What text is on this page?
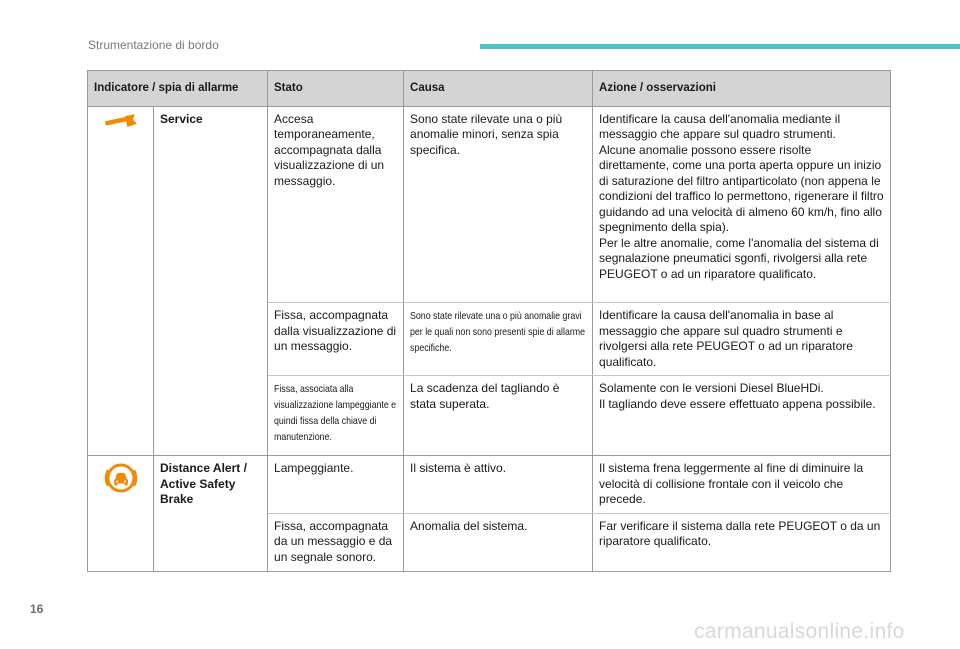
Strumentazione di bordo
Indicatore / spia di allarme		Stato	Causa	Azione / osservazioni
	Service	Accesa temporaneamente, accompagnata dalla visualizzazione di un messaggio.	Sono state rilevate una o più anomalie minori, senza spia specifica.	Identificare la causa dell'anomalia mediante il messaggio che appare sul quadro strumenti.
Alcune anomalie possono essere risolte direttamente, come una porta aperta oppure un inizio di saturazione del filtro antiparticolato (non appena le condizioni del traffico lo permettono, rigenerare il filtro guidando ad una velocità di almeno 60 km/h, fino allo spegnimento della spia).
Per le altre anomalie, come l'anomalia del sistema di segnalazione pneumatici sgonfi, rivolgersi alla rete PEUGEOT o ad un riparatore qualificato.

		Fissa, accompagnata dalla visualizzazione di un messaggio.	Sono state rilevate una o più anomalie gravi per le quali non sono presenti spie di allarme specifiche.	Identificare la causa dell'anomalia in base al messaggio che appare sul quadro strumenti e rivolgersi alla rete PEUGEOT o ad un riparatore qualificato.

		Fissa, associata alla visualizzazione lampeggiante e quindi fissa della chiave di manutenzione.	La scadenza del tagliando è stata superata.	Solamente con le versioni Diesel BlueHDi.
Il tagliando deve essere effettuato appena possibile.

	Distance Alert / Active Safety Brake	Lampeggiante.	Il sistema è attivo.	Il sistema frena leggermente al fine di diminuire la velocità di collisione frontale con il veicolo che precede.

		Fissa, accompagnata da un messaggio e da un segnale sonoro.	Anomalia del sistema.	Far verificare il sistema dalla rete PEUGEOT o da un riparatore qualificato.
16
carmanualsonline.info
